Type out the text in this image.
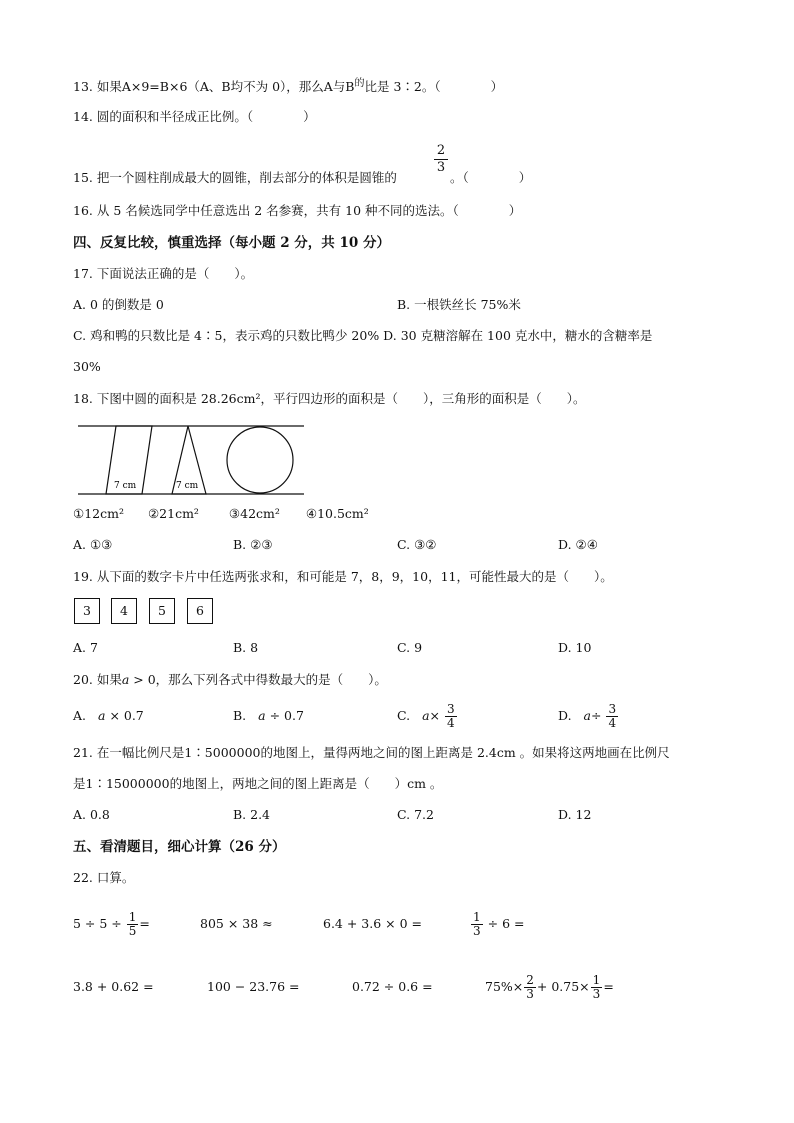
13. 如果A×9=B×6（A、B均不为 0），那么A与$B^的$比是 3∶2。（　　　　）
14. 圆的面积和半径成正比例。（　　　　）
15. 把一个圆柱削成最大的圆锥，削去部分的体积是圆锥的
$\frac{2}{3}$
。（　　　　）
16. 从 5 名候选同学中任意选出 2 名参赛，共有 10 种不同的选法。（　　　　）
四、反复比较，慎重选择（每小题 2 分，共 10 分）
17. 下面说法正确的是（　　）。
A. 0 的倒数是 0	B. 一根铁丝长 75%米
C. 鸡和鸭的只数比是 4∶5，表示鸡的只数比鸭少 20% D. 30 克糖溶解在 100 克水中，糖水的含糖率是
30%
18. 下图中圆的面积是 28.26cm²，平行四边形的面积是（　　），三角形的面积是（　　）。
7 cm	7 cm
①12cm² ②21cm² ③42cm² ④10.5cm²
A. ①③	B. ②③	C. ③②	D. ②④
19. 从下面的数字卡片中任选两张求和，和可能是 7，8，9，10，11，可能性最大的是（　　）。
3	4	5	6
A. 7	B. 8	C. 9	D. 10
20. 如果a > 0，那么下列各式中得数最大的是（　　）。
A. a × 0.7	B. a ÷ 0.7	C. $a\times \frac{3}{4}$	D. $a\div \frac{3}{4}$
21. 在一幅比例尺是1∶5000000的地图上，量得两地之间的图上距离是 2.4cm 。如果将这两地画在比例尺
是1∶15000000的地图上，两地之间的图上距离是（　　）cm 。
A. 0.8	B. 2.4	C. 7.2	D. 12
五、看清题目，细心计算（26 分）
22. 口算。
$5 \div 5 \div \frac{1}{5}$ =	805 × 38 ≈	6.4 + 3.6 × 0 =	$\frac{1}{3} \div 6$ =
3.8 + 0.62 =	100 − 23.76 =	0.72 ÷ 0.6 =	$75\%\times \frac{2}{3} + 0.75\times \frac{1}{3}$ =
